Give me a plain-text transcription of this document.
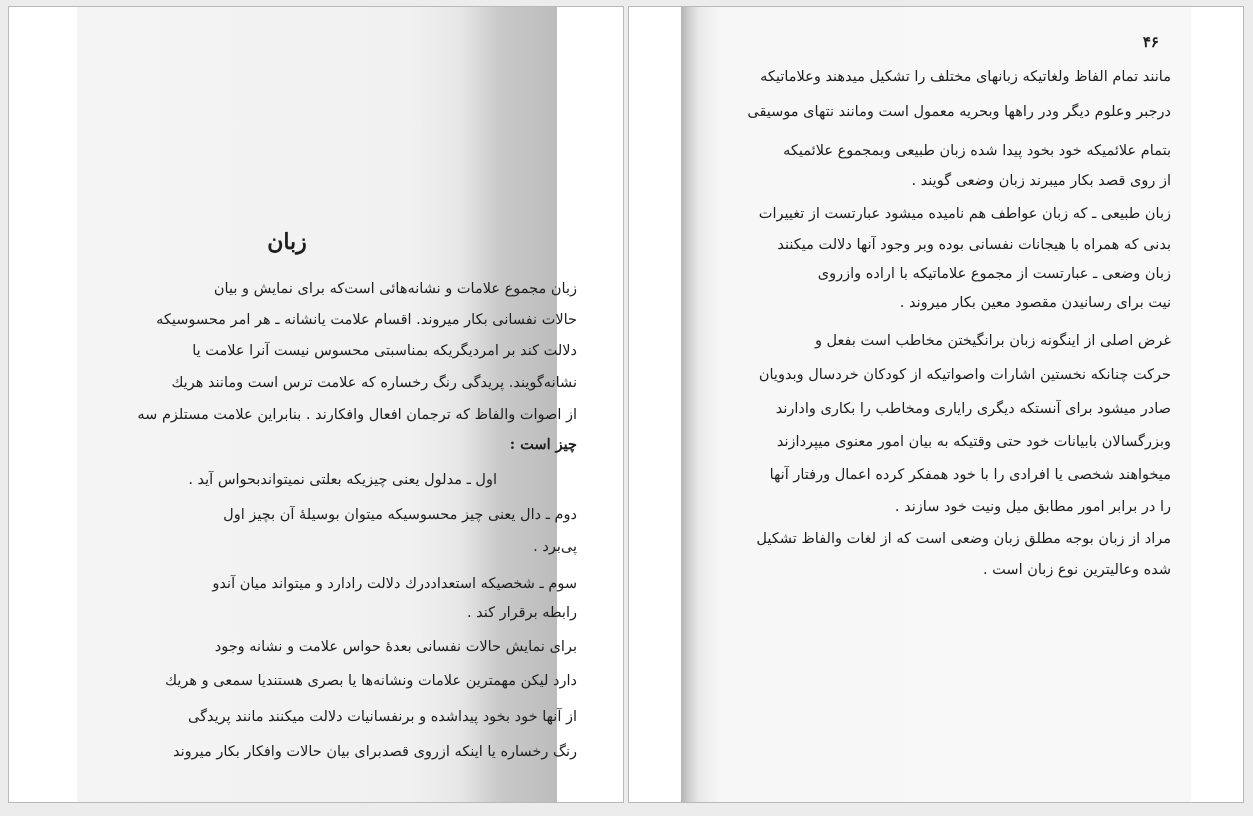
زبان
زبان مجموع علامات و نشانه‌هائی است‌که برای نمایش و بیان
حالات نفسانی بکار میروند. اقسام علامت یانشانه ـ هر امر محسوسیکه
دلالت کند بر امردیگریکه بمناسبتی محسوس نیست آنرا علامت یا
نشانه‌گویند. پریدگی رنگ رخساره که علامت ترس است ومانند هریك
از اصوات والفاظ که ترجمان افعال وافکارند . بنابراین علامت مستلزم سه
چیز است :
اول ـ مدلول یعنی چیزیکه بعلتی نمیتواندبحواس آید .
دوم ـ دال یعنی چیز محسوسیکه میتوان بوسیلهٔ آن بچیز اول
پی‌برد .
سوم ـ شخصیکه استعداددرك دلالت رادارد و میتواند میان آندو
رابطه برقرار کند .
برای نمایش حالات نفسانی بعدهٔ حواس علامت و نشانه وجود
دارد لیکن مهمترین علامات ونشانه‌ها یا بصری هستندیا سمعی و هریك
از آنها خود بخود پیداشده و برنفسانیات دلالت میکنند مانند پریدگی
رنگ رخساره یا اینکه ازروی قصدبرای بیان حالات وافکار بکار میروند
۴۶
مانند تمام الفاظ ولغاتیکه زبانهای مختلف را تشکیل میدهند وعلاماتیکه
درجبر وعلوم دیگر ودر راهها وبحریه معمول است ومانند نتهای موسیقی
بتمام علائمیکه خود بخود پیدا شده زبان طبیعی وبمجموع علائمیکه
از روی قصد بکار میبرند زبان وضعی گویند .
زبان طبیعی ـ که زبان عواطف هم نامیده میشود عبارتست از تغییرات
بدنی که همراه با هیجانات نفسانی بوده وبر وجود آنها دلالت میکنند
زبان وضعی ـ عبارتست از مجموع علاماتیکه با اراده وازروی
نیت برای رسانیدن مقصود معین بکار میروند .
غرض اصلی از اینگونه زبان برانگیختن مخاطب است بفعل و
حرکت چنانکه نخستین اشارات واصواتیکه از کودکان خردسال وبدویان
صادر میشود برای آنستکه دیگری رایاری ومخاطب را بکاری وادارند
وبزرگسالان بابیانات خود حتی وقتیکه به بیان امور معنوی میپردازند
میخواهند شخصی یا افرادی را با خود همفکر کرده اعمال ورفتار آنها
را در برابر امور مطابق میل ونیت خود سازند .
مراد از زبان بوجه مطلق زبان وضعی است که از لغات والفاظ تشکیل
شده وعالیترین نوع زبان است .
